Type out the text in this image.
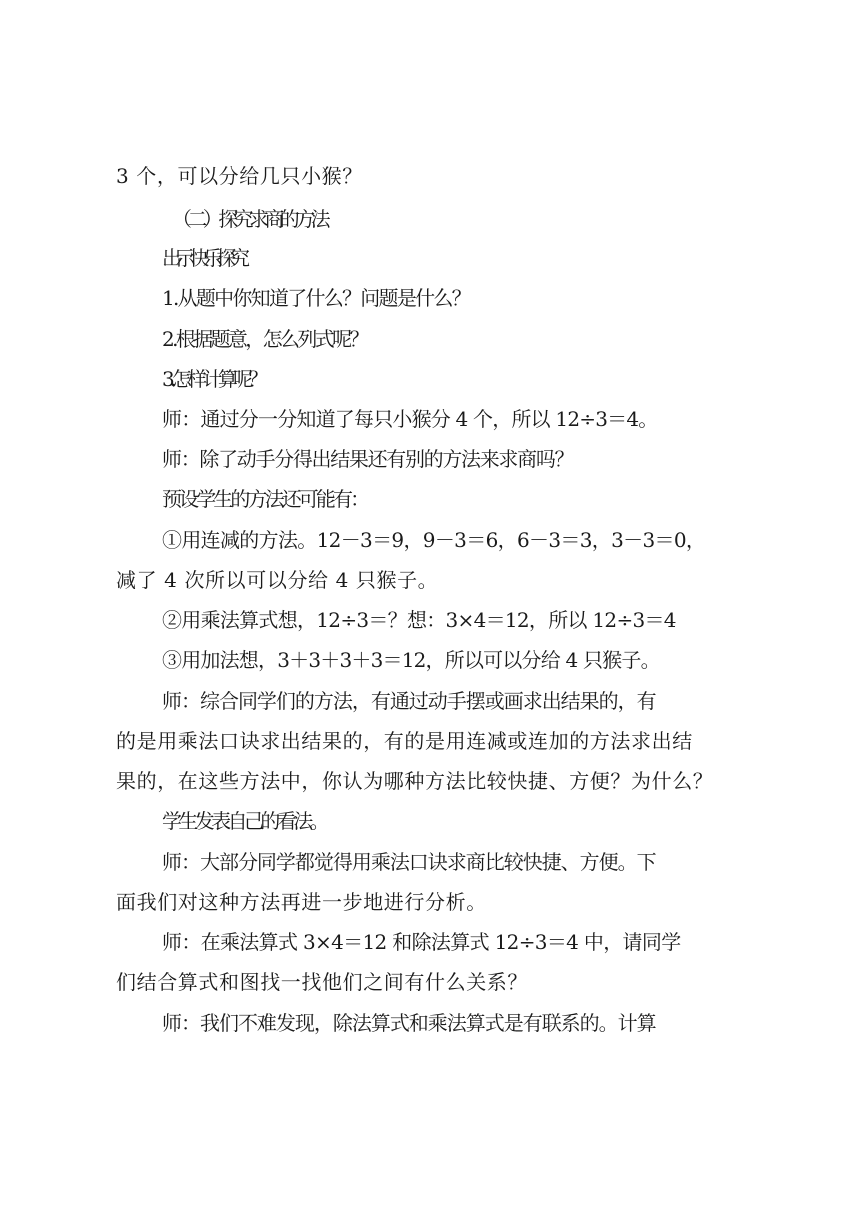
3 个，可以分给几只小猴？
（二）探究求商的方法
出示快乐探究
1.从题中你知道了什么？问题是什么？
2.根据题意，怎么列式呢？
3.怎样计算呢？
师：通过分一分知道了每只小猴分 4 个，所以 12÷3＝4。
师：除了动手分得出结果还有别的方法来求商吗？
预设学生的方法还可能有：
①用连减的方法。12－3＝9，9－3＝6，6－3＝3，3－3＝0，
减了 4 次所以可以分给 4 只猴子。
②用乘法算式想，12÷3＝？想：3×4＝12，所以 12÷3＝4
③用加法想，3＋3＋3＋3＝12，所以可以分给 4 只猴子。
师：综合同学们的方法，有通过动手摆或画求出结果的，有
的是用乘法口诀求出结果的，有的是用连减或连加的方法求出结
果的，在这些方法中，你认为哪种方法比较快捷、方便？为什么？
学生发表自己的看法。
师：大部分同学都觉得用乘法口诀求商比较快捷、方便。下
面我们对这种方法再进一步地进行分析。
师：在乘法算式 3×4＝12 和除法算式 12÷3＝4 中，请同学
们结合算式和图找一找他们之间有什么关系？
师：我们不难发现，除法算式和乘法算式是有联系的。计算
